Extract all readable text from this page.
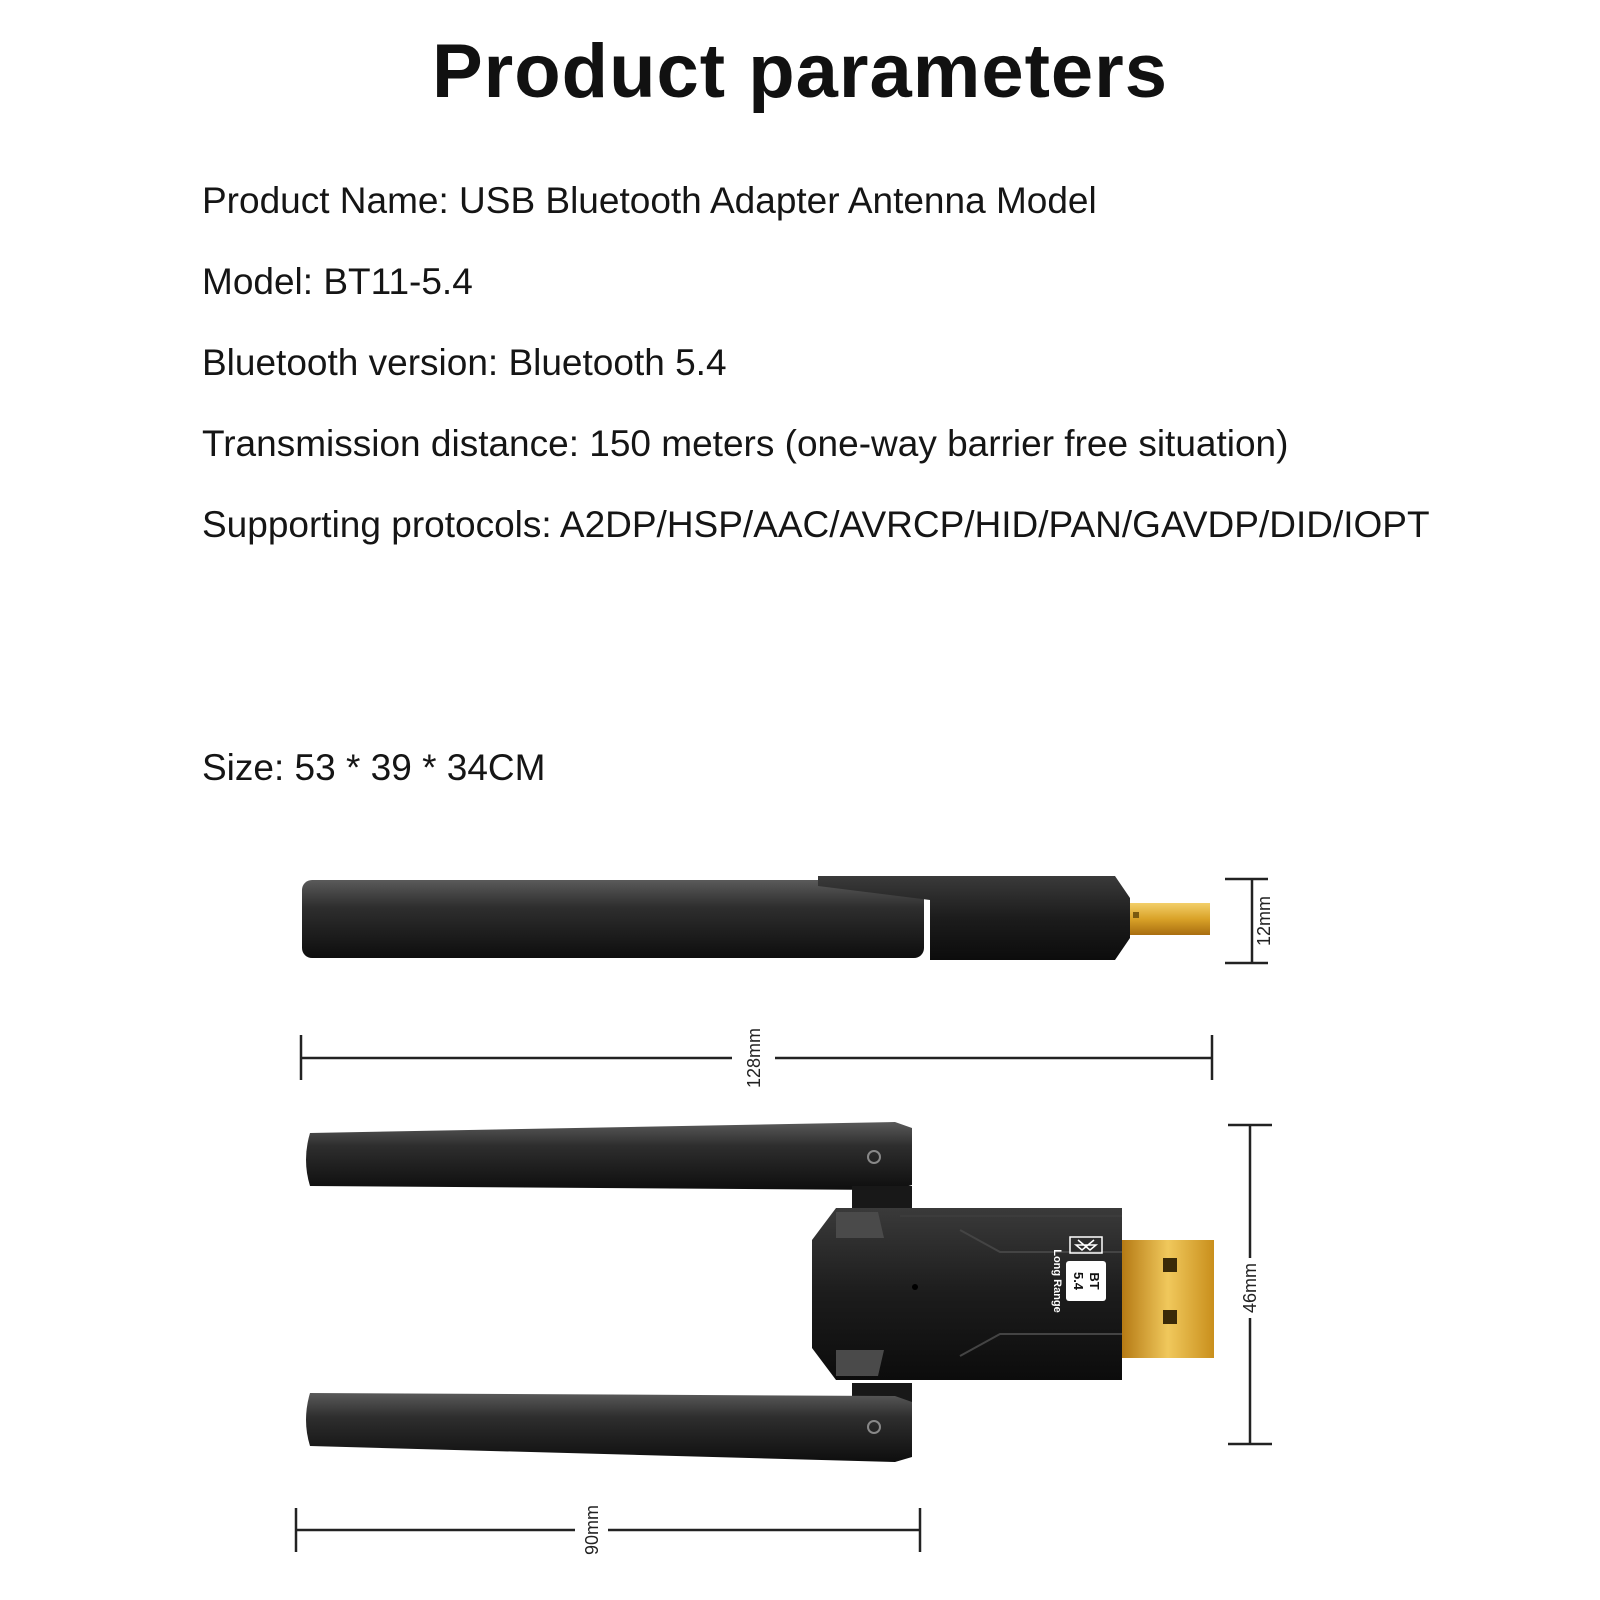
Product parameters
Product Name: USB Bluetooth Adapter Antenna Model
Model: BT11-5.4
Bluetooth version: Bluetooth 5.4
Transmission distance: 150 meters (one-way barrier free situation)
Supporting protocols: A2DP/HSP/AAC/AVRCP/HID/PAN/GAVDP/DID/IOPT
Size: 53 * 39 * 34CM
12mm
128mm
BT
5.4
Long Range	46mm
90mm
